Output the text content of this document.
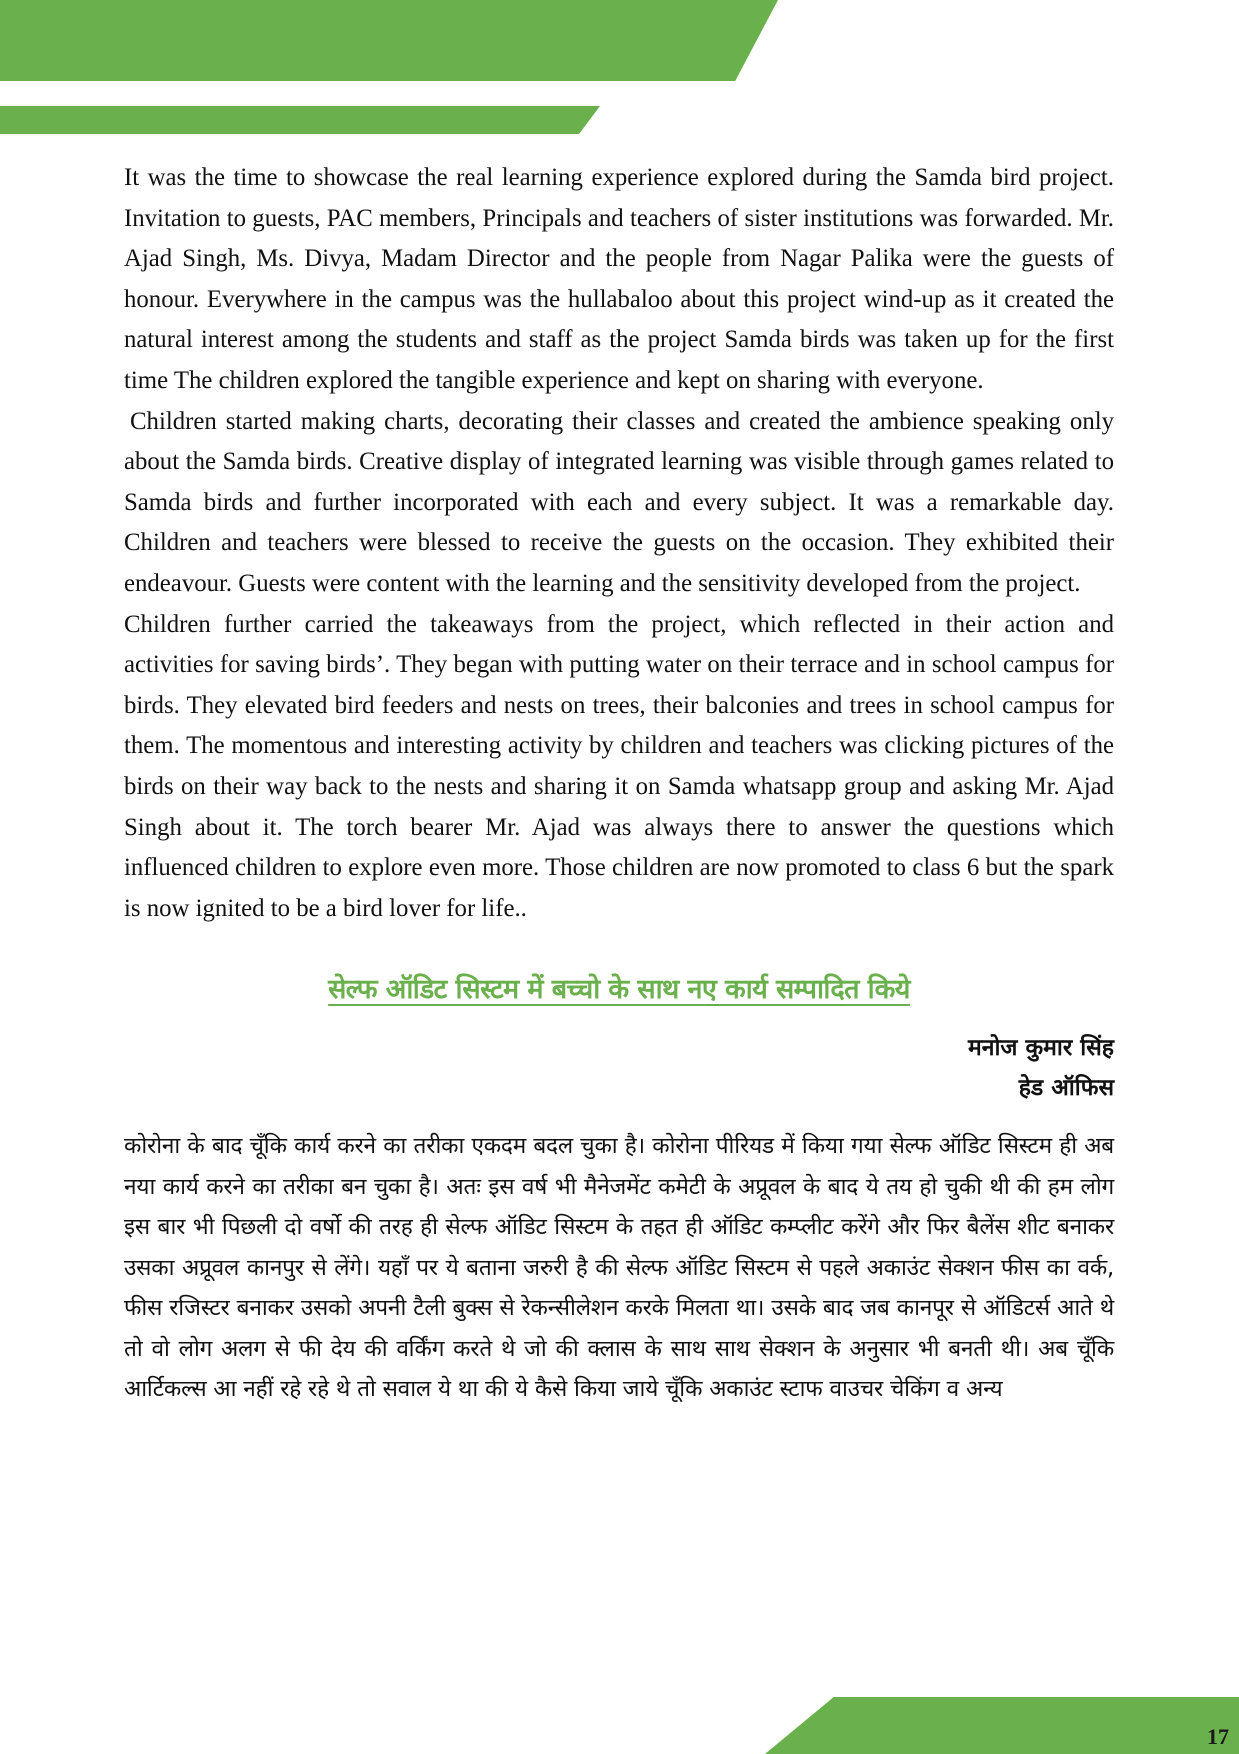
It was the time to showcase the real learning experience explored during the Samda bird project. Invitation to guests, PAC members, Principals and teachers of sister institutions was forwarded. Mr. Ajad Singh, Ms. Divya, Madam Director and the people from Nagar Palika were the guests of honour. Everywhere in the campus was the hullabaloo about this project wind-up as it created the natural interest among the students and staff as the project Samda birds was taken up for the first time The children explored the tangible experience and kept on sharing with everyone.

Children started making charts, decorating their classes and created the ambience speaking only about the Samda birds. Creative display of integrated learning was visible through games related to Samda birds and further incorporated with each and every subject. It was a remarkable day. Children and teachers were blessed to receive the guests on the occasion. They exhibited their endeavour. Guests were content with the learning and the sensitivity developed from the project.

Children further carried the takeaways from the project, which reflected in their action and activities for saving birds’. They began with putting water on their terrace and in school campus for birds. They elevated bird feeders and nests on trees, their balconies and trees in school campus for them. The momentous and interesting activity by children and teachers was clicking pictures of the birds on their way back to the nests and sharing it on Samda whatsapp group and asking Mr. Ajad Singh about it. The torch bearer Mr. Ajad was always there to answer the questions which influenced children to explore even more. Those children are now promoted to class 6 but the spark is now ignited to be a bird lover for life..

सेल्फ ऑडिट सिस्टम में बच्चो के साथ नए कार्य सम्पादित किये
मनोज कुमार सिंह
हेड ऑफिस

कोरोना के बाद चूँकि कार्य करने का तरीका एकदम बदल चुका है। कोरोना पीरियड में किया गया सेल्फ ऑडिट सिस्टम ही अब नया कार्य करने का तरीका बन चुका है। अतः इस वर्ष भी मैनेजमेंट कमेटी के अप्रूवल के बाद ये तय हो चुकी थी की हम लोग इस बार भी पिछली दो वर्षो की तरह ही सेल्फ ऑडिट सिस्टम के तहत ही ऑडिट कम्प्लीट करेंगे और फिर बैलेंस शीट बनाकर उसका अप्रूवल कानपुर से लेंगे। यहाँ पर ये बताना जरुरी है की सेल्फ ऑडिट सिस्टम से पहले अकाउंट सेक्शन फीस का वर्क, फीस रजिस्टर बनाकर उसको अपनी टैली बुक्स से रेकन्सीलेशन करके मिलता था। उसके बाद जब कानपूर से ऑडिटर्स आते थे तो वो लोग अलग से फी देय की वर्किंग करते थे जो की क्लास के साथ साथ सेक्शन के अनुसार भी बनती थी। अब चूँकि आर्टिकल्स आ नहीं रहे रहे थे तो सवाल ये था की ये कैसे किया जाये चूँकि अकाउंट स्टाफ वाउचर चेकिंग व अन्य

17
